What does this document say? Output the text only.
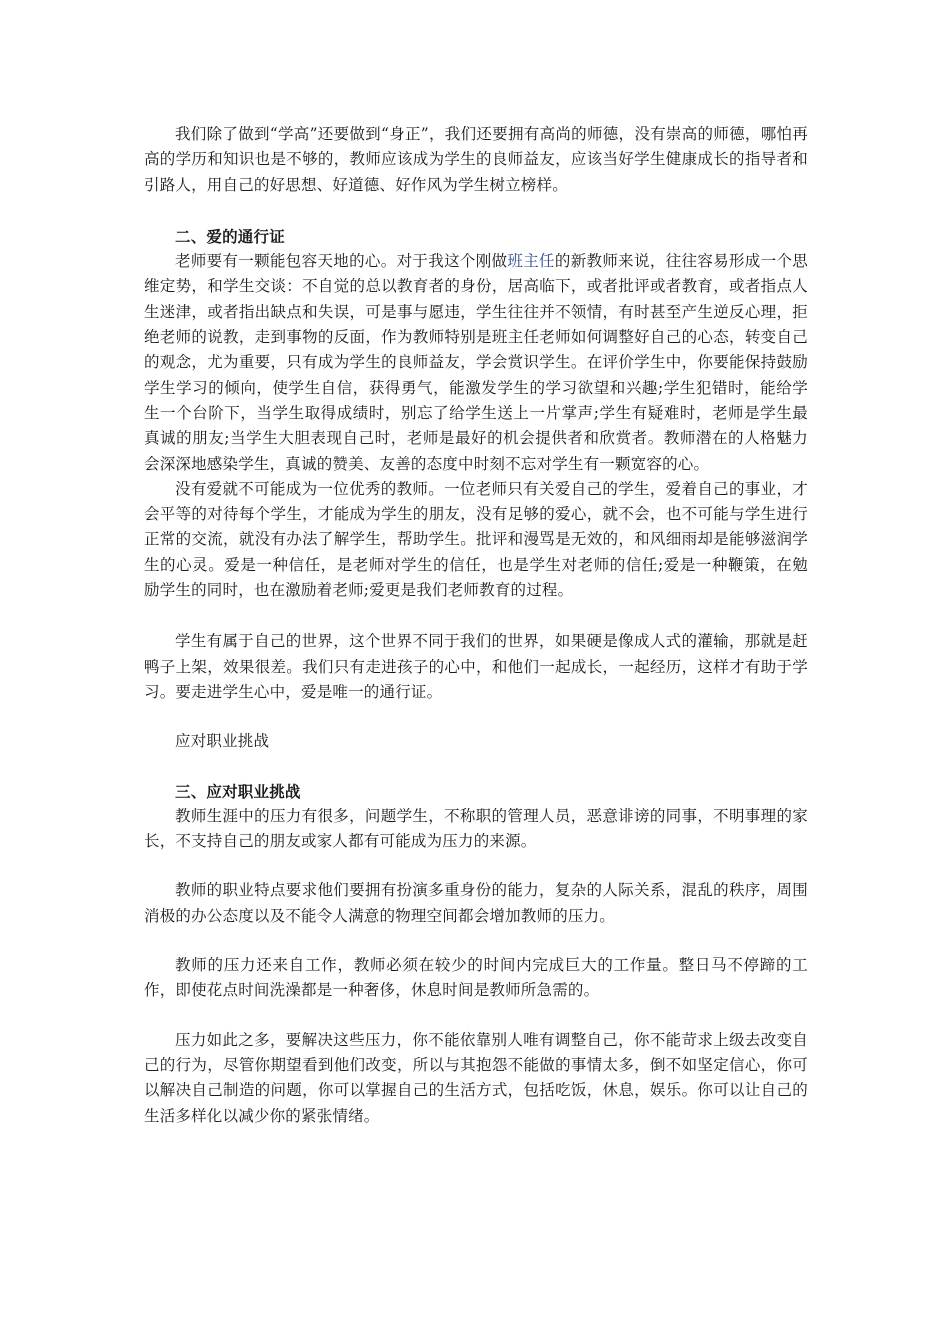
我们除了做到“学高”还要做到“身正”，我们还要拥有高尚的师德，没有崇高的师德，哪怕再高的学历和知识也是不够的，教师应该成为学生的良师益友，应该当好学生健康成长的指导者和引路人，用自己的好思想、好道德、好作风为学生树立榜样。

二、爱的通行证

老师要有一颗能包容天地的心。对于我这个刚做班主任的新教师来说，往往容易形成一个思维定势，和学生交谈：不自觉的总以教育者的身份，居高临下，或者批评或者教育，或者指点人生迷津，或者指出缺点和失误，可是事与愿违，学生往往并不领情，有时甚至产生逆反心理，拒绝老师的说教，走到事物的反面，作为教师特别是班主任老师如何调整好自己的心态，转变自己的观念，尤为重要，只有成为学生的良师益友，学会赏识学生。在评价学生中，你要能保持鼓励学生学习的倾向，使学生自信，获得勇气，能激发学生的学习欲望和兴趣;学生犯错时，能给学生一个台阶下，当学生取得成绩时，别忘了给学生送上一片掌声;学生有疑难时，老师是学生最真诚的朋友;当学生大胆表现自己时，老师是最好的机会提供者和欣赏者。教师潜在的人格魅力会深深地感染学生，真诚的赞美、友善的态度中时刻不忘对学生有一颗宽容的心。

没有爱就不可能成为一位优秀的教师。一位老师只有关爱自己的学生，爱着自己的事业，才会平等的对待每个学生，才能成为学生的朋友，没有足够的爱心，就不会，也不可能与学生进行正常的交流，就没有办法了解学生，帮助学生。批评和漫骂是无效的，和风细雨却是能够滋润学生的心灵。爱是一种信任，是老师对学生的信任，也是学生对老师的信任;爱是一种鞭策，在勉励学生的同时，也在激励着老师;爱更是我们老师教育的过程。

学生有属于自己的世界，这个世界不同于我们的世界，如果硬是像成人式的灌输，那就是赶鸭子上架，效果很差。我们只有走进孩子的心中，和他们一起成长，一起经历，这样才有助于学习。要走进学生心中，爱是唯一的通行证。

应对职业挑战

三、应对职业挑战

教师生涯中的压力有很多，问题学生，不称职的管理人员，恶意诽谤的同事，不明事理的家长，不支持自己的朋友或家人都有可能成为压力的来源。

教师的职业特点要求他们要拥有扮演多重身份的能力，复杂的人际关系，混乱的秩序，周围消极的办公态度以及不能令人满意的物理空间都会增加教师的压力。

教师的压力还来自工作，教师必须在较少的时间内完成巨大的工作量。整日马不停蹄的工作，即使花点时间洗澡都是一种奢侈，休息时间是教师所急需的。

压力如此之多，要解决这些压力，你不能依靠别人唯有调整自己，你不能苛求上级去改变自己的行为，尽管你期望看到他们改变，所以与其抱怨不能做的事情太多，倒不如坚定信心，你可以解决自己制造的问题，你可以掌握自己的生活方式，包括吃饭，休息，娱乐。你可以让自己的生活多样化以减少你的紧张情绪。
